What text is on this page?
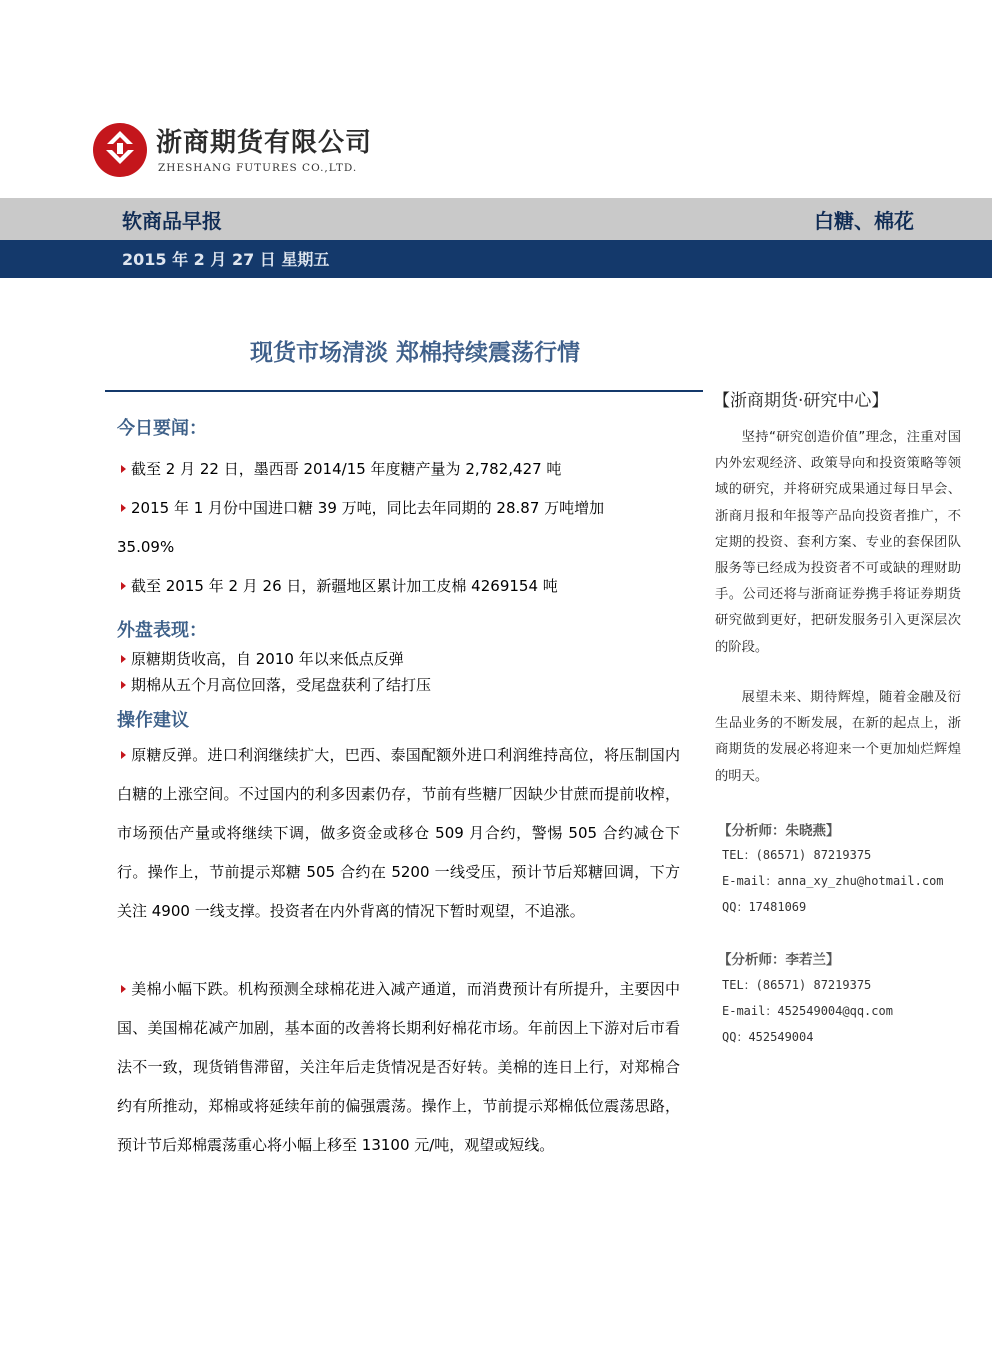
浙商期货有限公司
ZHESHANG FUTURES CO.,LTD.
软商品早报	白糖、棉花
2015 年 2 月 27 日 星期五
现货市场清淡 郑棉持续震荡行情
今日要闻：
截至 2 月 22 日，墨西哥 2014/15 年度糖产量为 2,782,427 吨
2015 年 1 月份中国进口糖 39 万吨，同比去年同期的 28.87 万吨增加
35.09%
截至 2015 年 2 月 26 日，新疆地区累计加工皮棉 4269154 吨
外盘表现：
原糖期货收高，自 2010 年以来低点反弹
期棉从五个月高位回落，受尾盘获利了结打压
操作建议
原糖反弹。进口利润继续扩大，巴西、泰国配额外进口利润维持高位，将压制国内白糖的上涨空间。不过国内的利多因素仍存，节前有些糖厂因缺少甘蔗而提前收榨，市场预估产量或将继续下调，做多资金或移仓 509 月合约，警惕 505 合约减仓下行。操作上，节前提示郑糖 505 合约在 5200 一线受压，预计节后郑糖回调，下方关注 4900 一线支撑。投资者在内外背离的情况下暂时观望，不追涨。
美棉小幅下跌。机构预测全球棉花进入减产通道，而消费预计有所提升，主要因中国、美国棉花减产加剧，基本面的改善将长期利好棉花市场。年前因上下游对后市看法不一致，现货销售滞留，关注年后走货情况是否好转。美棉的连日上行，对郑棉合约有所推动，郑棉或将延续年前的偏强震荡。操作上，节前提示郑棉低位震荡思路，预计节后郑棉震荡重心将小幅上移至 13100 元/吨，观望或短线。
【浙商期货·研究中心】
坚持“研究创造价值”理念，注重对国内外宏观经济、政策导向和投资策略等领域的研究，并将研究成果通过每日早会、浙商月报和年报等产品向投资者推广，不定期的投资、套利方案、专业的套保团队服务等已经成为投资者不可或缺的理财助手。公司还将与浙商证券携手将证券期货研究做到更好，把研发服务引入更深层次的阶段。
展望未来、期待辉煌，随着金融及衍生品业务的不断发展，在新的起点上，浙商期货的发展必将迎来一个更加灿烂辉煌的明天。
【分析师：朱晓燕】
TEL：(86571) 87219375
E-mail：anna_xy_zhu@hotmail.com
QQ：17481069
【分析师：李若兰】
TEL：(86571) 87219375
E-mail：452549004@qq.com
QQ：452549004
